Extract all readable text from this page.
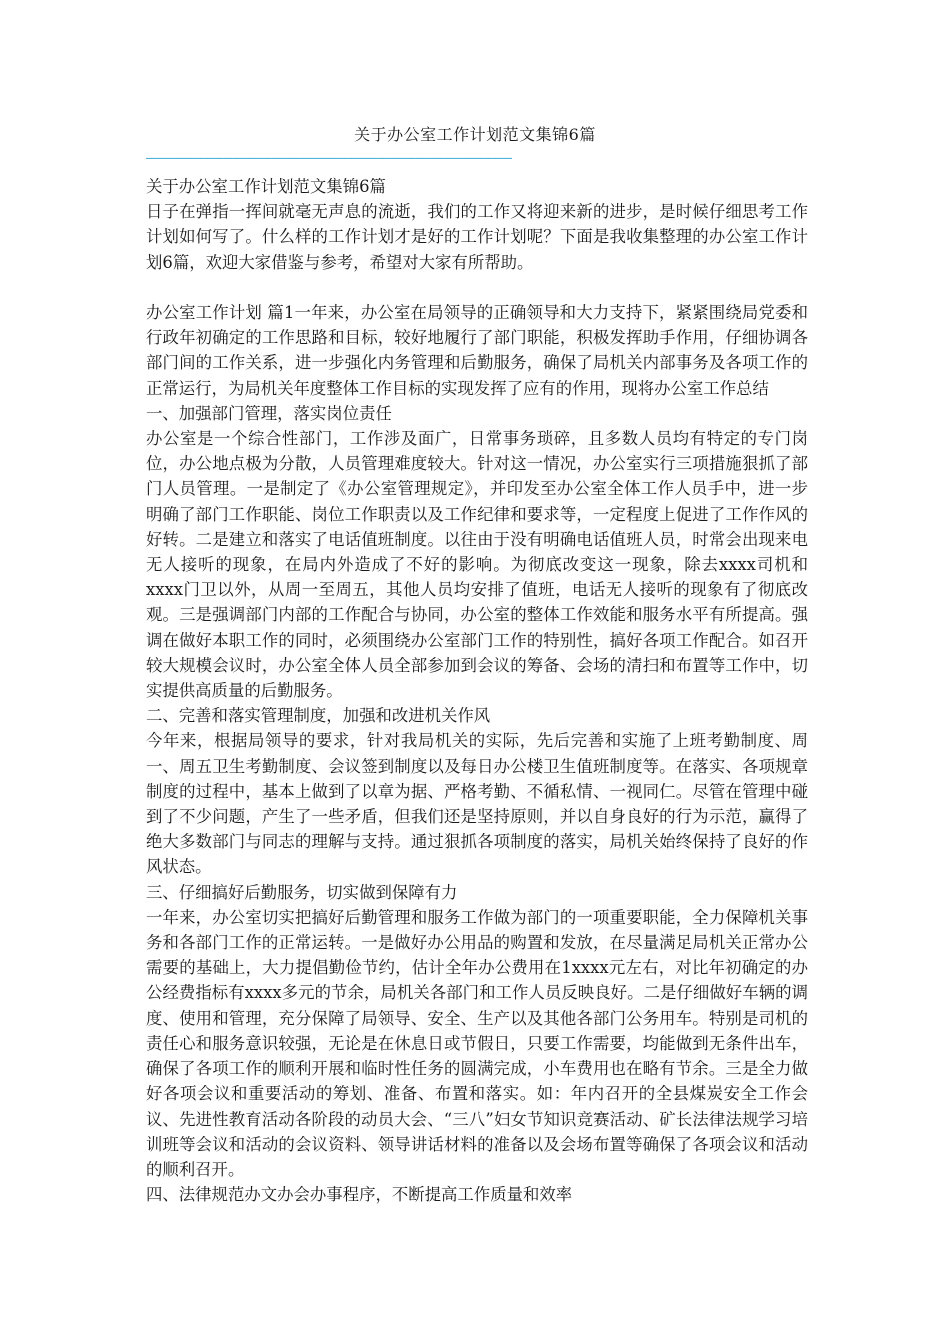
关于办公室工作计划范文集锦6篇
——————————————————————————————————————

关于办公室工作计划范文集锦6篇

日子在弹指一挥间就毫无声息的流逝，我们的工作又将迎来新的进步，是时候仔细思考工作计划如何写了。什么样的工作计划才是好的工作计划呢？下面是我收集整理的办公室工作计划6篇，欢迎大家借鉴与参考，希望对大家有所帮助。

办公室工作计划 篇1一年来，办公室在局领导的正确领导和大力支持下，紧紧围绕局党委和行政年初确定的工作思路和目标，较好地履行了部门职能，积极发挥助手作用，仔细协调各部门间的工作关系，进一步强化内务管理和后勤服务，确保了局机关内部事务及各项工作的正常运行，为局机关年度整体工作目标的实现发挥了应有的作用，现将办公室工作总结

一、加强部门管理，落实岗位责任

办公室是一个综合性部门，工作涉及面广，日常事务琐碎，且多数人员均有特定的专门岗位，办公地点极为分散，人员管理难度较大。针对这一情况，办公室实行三项措施狠抓了部门人员管理。一是制定了《办公室管理规定》，并印发至办公室全体工作人员手中，进一步明确了部门工作职能、岗位工作职责以及工作纪律和要求等，一定程度上促进了工作作风的好转。二是建立和落实了电话值班制度。以往由于没有明确电话值班人员，时常会出现来电无人接听的现象，在局内外造成了不好的影响。为彻底改变这一现象，除去xxxx司机和xxxx门卫以外，从周一至周五，其他人员均安排了值班，电话无人接听的现象有了彻底改观。三是强调部门内部的工作配合与协同，办公室的整体工作效能和服务水平有所提高。强调在做好本职工作的同时，必须围绕办公室部门工作的特别性，搞好各项工作配合。如召开较大规模会议时，办公室全体人员全部参加到会议的筹备、会场的清扫和布置等工作中，切实提供高质量的后勤服务。

二、完善和落实管理制度，加强和改进机关作风

今年来，根据局领导的要求，针对我局机关的实际，先后完善和实施了上班考勤制度、周一、周五卫生考勤制度、会议签到制度以及每日办公楼卫生值班制度等。在落实、各项规章制度的过程中，基本上做到了以章为据、严格考勤、不循私情、一视同仁。尽管在管理中碰到了不少问题，产生了一些矛盾，但我们还是坚持原则，并以自身良好的行为示范，赢得了绝大多数部门与同志的理解与支持。通过狠抓各项制度的落实，局机关始终保持了良好的作风状态。

三、仔细搞好后勤服务，切实做到保障有力

一年来，办公室切实把搞好后勤管理和服务工作做为部门的一项重要职能，全力保障机关事务和各部门工作的正常运转。一是做好办公用品的购置和发放，在尽量满足局机关正常办公需要的基础上，大力提倡勤俭节约，估计全年办公费用在1xxxx元左右，对比年初确定的办公经费指标有xxxx多元的节余，局机关各部门和工作人员反映良好。二是仔细做好车辆的调度、使用和管理，充分保障了局领导、安全、生产以及其他各部门公务用车。特别是司机的责任心和服务意识较强，无论是在休息日或节假日，只要工作需要，均能做到无条件出车，确保了各项工作的顺利开展和临时性任务的圆满完成，小车费用也在略有节余。三是全力做好各项会议和重要活动的筹划、准备、布置和落实。如：年内召开的全县煤炭安全工作会议、先进性教育活动各阶段的动员大会、“三八”妇女节知识竞赛活动、矿长法律法规学习培训班等会议和活动的会议资料、领导讲话材料的准备以及会场布置等确保了各项会议和活动的顺利召开。

四、法律规范办文办会办事程序，不断提高工作质量和效率
